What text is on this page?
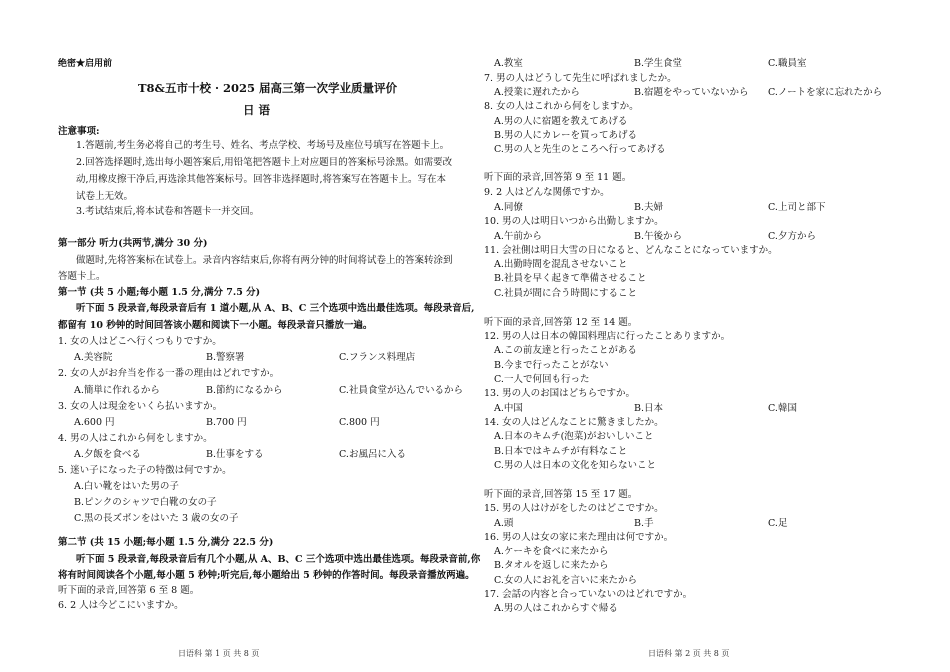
绝密★启用前
T8&五市十校 · 2025 届高三第一次学业质量评价
日 语
注意事项:
1.答题前,考生务必将自己的考生号、姓名、考点学校、考场号及座位号填写在答题卡上。
2.回答选择题时,选出每小题答案后,用铅笔把答题卡上对应题目的答案标号涂黑。如需要改
动,用橡皮擦干净后,再选涂其他答案标号。回答非选择题时,将答案写在答题卡上。写在本
试卷上无效。
3.考试结束后,将本试卷和答题卡一并交回。
第一部分 听力(共两节,满分 30 分)
做题时,先将答案标在试卷上。录音内容结束后,你将有两分钟的时间将试卷上的答案转涂到
答题卡上。
第一节 (共 5 小题;每小题 1.5 分,满分 7.5 分)
听下面 5 段录音,每段录音后有 1 道小题,从 A、B、C 三个选项中选出最佳选项。每段录音后,
都留有 10 秒钟的时间回答该小题和阅读下一小题。每段录音只播放一遍。
1. 女の人はどこへ行くつもりですか。
A.美容院	B.警察署	C.フランス料理店
2. 女の人がお弁当を作る一番の理由はどれですか。
A.簡単に作れるから	B.節約になるから	C.社員食堂が込んでいるから
3. 女の人は現金をいくら払いますか。
A.600 円	B.700 円	C.800 円
4. 男の人はこれから何をしますか。
A.夕飯を食べる	B.仕事をする	C.お風呂に入る
5. 迷い子になった子の特徴は何ですか。
A.白い靴をはいた男の子
B.ピンクのシャツで白靴の女の子
C.黒の長ズボンをはいた 3 歳の女の子
第二节 (共 15 小题;每小题 1.5 分,满分 22.5 分)
听下面 5 段录音,每段录音后有几个小题,从 A、B、C 三个选项中选出最佳选项。每段录音前,你
将有时间阅读各个小题,每小题 5 秒钟;听完后,每小题给出 5 秒钟的作答时间。每段录音播放两遍。
听下面的录音,回答第 6 至 8 题。
6. 2 人は今どこにいますか。
日语科 第 1 页 共 8 页
A.教室	B.学生食堂	C.職員室
7. 男の人はどうして先生に呼ばれましたか。
A.授業に遅れたから	B.宿題をやっていないから C.ノートを家に忘れたから
8. 女の人はこれから何をしますか。
A.男の人に宿題を教えてあげる
B.男の人にカレーを買ってあげる
C.男の人と先生のところへ行ってあげる
听下面的录音,回答第 9 至 11 题。
9. 2 人はどんな関係ですか。
A.同僚	B.夫婦	C.上司と部下
10. 男の人は明日いつから出勤しますか。
A.午前から	B.午後から	C.夕方から
11. 会社側は明日大雪の日になると、どんなことになっていますか。
A.出勤時間を混乱させないこと
B.社員を早く起きて準備させること
C.社員が間に合う時間にすること
听下面的录音,回答第 12 至 14 题。
12. 男の人は日本の韓国料理店に行ったことありますか。
A.この前友達と行ったことがある
B.今まで行ったことがない
C.一人で何回も行った
13. 男の人のお国はどちらですか。
A.中国	B.日本	C.韓国
14. 女の人はどんなことに驚きましたか。
A.日本のキムチ(泡菜)がおいしいこと
B.日本ではキムチが有料なこと
C.男の人は日本の文化を知らないこと
听下面的录音,回答第 15 至 17 题。
15. 男の人はけがをしたのはどこですか。
A.頭	B.手	C.足
16. 男の人は女の家に来た理由は何ですか。
A.ケーキを食べに来たから
B.タオルを返しに来たから
C.女の人にお礼を言いに来たから
17. 会話の内容と合っていないのはどれですか。
A.男の人はこれからすぐ帰る
日语科 第 2 页 共 8 页
